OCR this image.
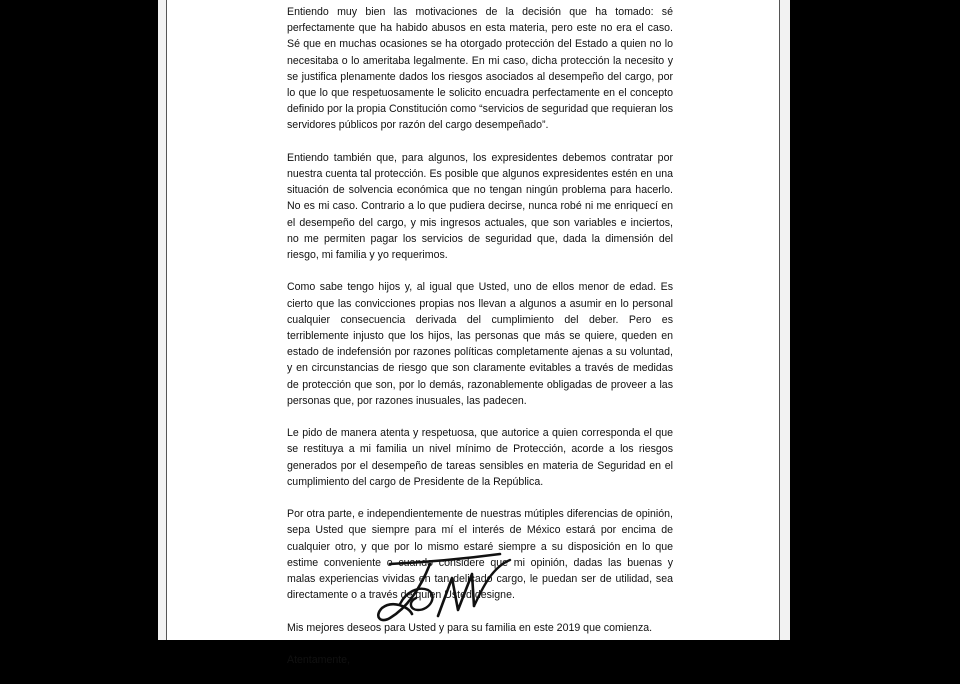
Entiendo muy bien las motivaciones de la decisión que ha tomado: sé perfectamente que ha habido abusos en esta materia, pero este no era el caso. Sé que en muchas ocasiones se ha otorgado protección del Estado a quien no lo necesitaba o lo ameritaba legalmente. En mi caso, dicha protección la necesito y se justifica plenamente dados los riesgos asociados al desempeño del cargo, por lo que lo que respetuosamente le solicito encuadra perfectamente en el concepto definido por la propia Constitución como “servicios de seguridad que requieran los servidores públicos por razón del cargo desempeñado”.

Entiendo también que, para algunos, los expresidentes debemos contratar por nuestra cuenta tal protección. Es posible que algunos expresidentes estén en una situación de solvencia económica que no tengan ningún problema para hacerlo. No es mi caso. Contrario a lo que pudiera decirse, nunca robé ni me enriquecí en el desempeño del cargo, y mis ingresos actuales, que son variables e inciertos, no me permiten pagar los servicios de seguridad que, dada la dimensión del riesgo, mi familia y yo requerimos.

Como sabe tengo hijos y, al igual que Usted, uno de ellos menor de edad. Es cierto que las convicciones propias nos llevan a algunos a asumir en lo personal cualquier consecuencia derivada del cumplimiento del deber. Pero es terriblemente injusto que los hijos, las personas que más se quiere, queden en estado de indefensión por razones políticas completamente ajenas a su voluntad, y en circunstancias de riesgo que son claramente evitables a través de medidas de protección que son, por lo demás, razonablemente obligadas de proveer a las personas que, por razones inusuales, las padecen.

Le pido de manera atenta y respetuosa, que autorice a quien corresponda el que se restituya a mi familia un nivel mínimo de Protección, acorde a los riesgos generados por el desempeño de tareas sensibles en materia de Seguridad en el cumplimiento del cargo de Presidente de la República.

Por otra parte, e independientemente de nuestras mútiples diferencias de opinión, sepa Usted que siempre para mí el interés de México estará por encima de cualquier otro, y que por lo mismo estaré siempre a su disposición en lo que estime conveniente o cuando considere que mi opinión, dadas las buenas y malas experiencias vividas en tan delicado cargo, le puedan ser de utilidad, sea directamente o a través de quien Usted designe.

Mis mejores deseos para Usted y para su familia en este 2019 que comienza.

Atentamente,
